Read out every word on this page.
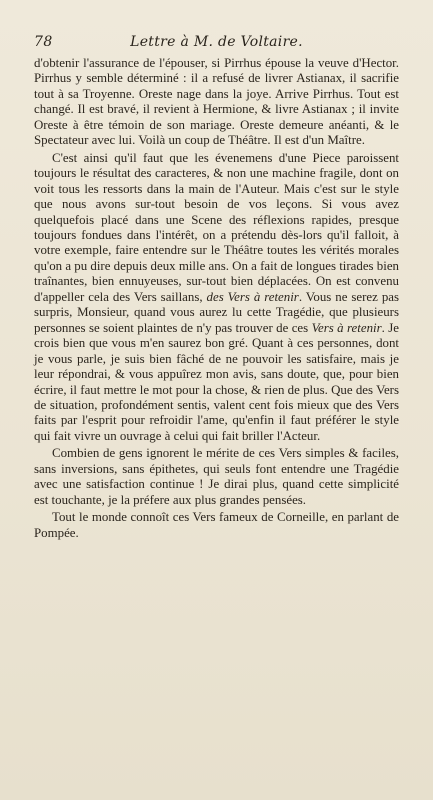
78	Lettre à M. de Voltaire.

d'obtenir l'assurance de l'épouser, si Pirrhus épouse la veuve d'Hector. Pirrhus y semble déterminé : il a refusé de livrer Astianax, il sacrifie tout à sa Troyenne. Oreste nage dans la joye. Arrive Pirrhus. Tout est changé. Il est bravé, il revient à Hermione, & livre Astianax ; il invite Oreste à être témoin de son mariage. Oreste demeure anéanti, & le Spectateur avec lui. Voilà un coup de Théâtre. Il est d'un Maître.

C'est ainsi qu'il faut que les évenemens d'une Piece paroissent toujours le résultat des caracteres, & non une machine fragile, dont on voit tous les ressorts dans la main de l'Auteur. Mais c'est sur le style que nous avons sur-tout besoin de vos leçons. Si vous avez quelquefois placé dans une Scene des réflexions rapides, presque toujours fondues dans l'intérêt, on a prétendu dès-lors qu'il falloit, à votre exemple, faire entendre sur le Théâtre toutes les vérités morales qu'on a pu dire depuis deux mille ans. On a fait de longues tirades bien traînantes, bien ennuyeuses, sur-tout bien déplacées. On est convenu d'appeller cela des Vers saillans, des Vers à retenir. Vous ne serez pas surpris, Monsieur, quand vous aurez lu cette Tragédie, que plusieurs personnes se soient plaintes de n'y pas trouver de ces Vers à retenir. Je crois bien que vous m'en saurez bon gré. Quant à ces personnes, dont je vous parle, je suis bien fâché de ne pouvoir les satisfaire, mais je leur répondrai, & vous appuîrez mon avis, sans doute, que, pour bien écrire, il faut mettre le mot pour la chose, & rien de plus. Que des Vers de situation, profondément sentis, valent cent fois mieux que des Vers faits par l'esprit pour refroidir l'ame, qu'enfin il faut préférer le style qui fait vivre un ouvrage à celui qui fait briller l'Acteur.

Combien de gens ignorent le mérite de ces Vers simples & faciles, sans inversions, sans épithetes, qui seuls font entendre une Tragédie avec une satisfaction continue ! Je dirai plus, quand cette simplicité est touchante, je la préfere aux plus grandes pensées.

Tout le monde connoît ces Vers fameux de Corneille, en parlant de Pompée.
